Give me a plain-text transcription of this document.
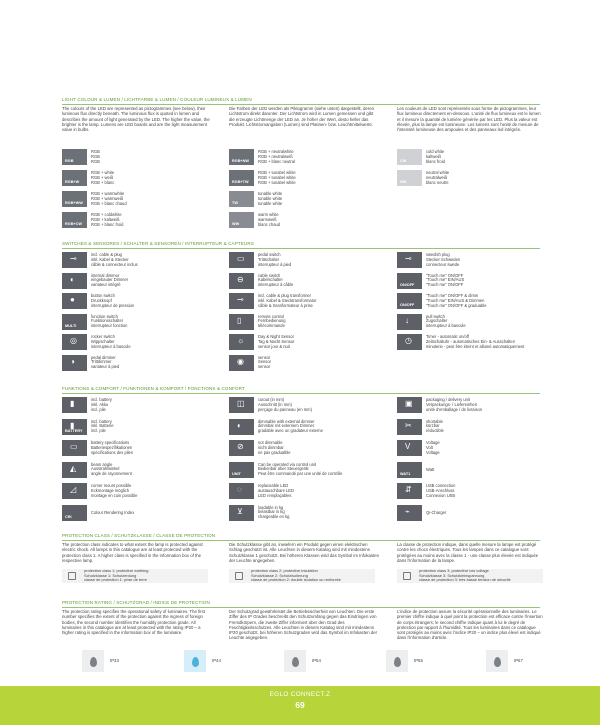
LIGHT COLOUR & LUMEN / LICHTFARBE & LUMEN / COULEUR LUMINEUX & LUMEN
The colours of the LED are represented as pictogrammes (see below), their luminous flux directly beneath. The luminous flux is quoted in lumen and describes the amount of light generated by the LED. The higher the value, the brighter is the lamp. Lumens are LED boards and are the light measurement value in bulbs.
Die Farben der LED werden als Piktogramm (siehe unten) dargestellt, deren Lichtstrom direkt darunter. Der Lichtstrom wird in Lumen gemessen und gibt die erzeugte Lichtmenge der LED an. Je höher der Wert, desto heller das Produkt. Lichtstromangaben (Lumen) sind Platinen- bzw. Leuchtmittelwerte.
Les couleurs de LED sont représentés sous forme de pictogrammes, leur flux lumineux directement en-dessous. L'unité de flux lumineux est le lumen et il mesure la quantité de lumière générée par les LED. Plus la valeur est élevée, plus la lampe est lumineuse. Les lumens sont l'unité de mesure de l'intensité lumineuse des ampoules et des panneaux led intégrés.
RGB
RGB
RGB
RGB
RGB+W
RGB + white
RGB + weiß
RGB + blanc
RGB+WW
RGB + warmwhite
RGB + warmweiß
RGB + blanc chaud
RGB+CW
RGB + coldwhite
RGB + kaltweiß
RGB + blanc froid
RGB+NW
RGB + neutralwhite
RGB + neutralweiß
RGB + blanc neutral
RGB+TW
RGB + tunabel white
RGB + tunabel white
RGB + tunabel white
TW
tunable white
tunable white
tunable white
WW
warm white
warmweiß
blanc chaud
CW
cold white
kaltweiß
blanc froid
NW
neutral white
neutralweiß
blanc neutre
SWITCHES & SENSORES / SCHALTER & SENSOREN / INTERRUPTEUR & CAPTEURS
⊸	incl. cable & plug
inkl. Kabel & Stecker
câble & connecteur inclus
◐	internal dimmer
eingebauter Dimmer
variateur intégré
●	button switch
Druckknopf
interrupteur de pression
MULTI
function switch
Funktionsschalter
interrupteur fonction
◎	rocker switch
Wippschalter
interrupteur à bascule
◑	pedal dimmer
Trittdimmer
variateur à pied
▭	pedal switch
Trittschalter
interrupteur à pied
⊖	cable switch
Kabelschalter
interrupteur à câble
⊸	incl. cable & plug transformer
inkl. Kabel & Stecktransformator
câble & transformateur à prise
▯	remote control
Fernbedienung
télécommande
☼	Day & Night Sensor
Tag & Nacht Sensor
sensor jour & nuit
◉	sensor
Sensor
sensor
⊸	swedish plug
Stecker Schweden
connecteur swede
ON/OFF
"Touch me" ON/OFF
"Touch me" EIN/AUS
"Touch me" ON/OFF
ON/OFF
"Touch me" ON/OFF & dimm
"Touch me" EIN/AUS & Dimmen
"Touch me" ON/OFF & graduable
↓	pull switch
Zugschalter
interrupteur à bascule
◷	Timer - automatic on/off
Zeitschaltuhr - automatisches Ein- & Ausschalten
minuterie - peut être éteint et allumé automatiquement
FUNKTIONS & COMFORT / FUNKTIONEN & KOMFORT / FONCTIONS & CONFORT
▮	incl. battery
inkl. Akku
incl. pile
▮
BATTERY
incl. battery
inkl. Batterie
incl. pile
▭	battery specifications
Batteriespezifikationen
spécifications des piles
◭	beam angle
Ausstrahlwinkel
angle de rayonnement
◿	corner mount possible
Eckmontage möglich
montage en coin possible
CRI
Colour Rendering Index
◫	cutout (in mm)
Ausschnitt (in mm)
perçage du panneau (en mm)
◐	dimmable with external dimmer
dimmbar mit externem Dimmer
gradable avec un gradateur externe
⊘	not dimmable
nicht dimmbar
ne pas gradualble
UNIT
Can be operated via control unit
Bedienbar über Steuergerät
Peut être commandé par une unité de contrôle
◌	replaceable LED
austauschbare LED
LED remplaçables
⊻	loadable in kg
belastbar in kg
chargeable en kg
▣	packaging / delivery unit
Verpackungs- / Liefereinheit
unité d'emballage / de livraison
✂	shortable
kürzbar
réductible
V	Voltage
Volt
Voltage
WAT1
Watt
⇵	USB connection
USB-Anschluss
Connexion USB
⌁	Qi-Charger
PROTECTION CLASS / SCHUTZKLASSE / CLASSE DE PROTECTION
The protection class indicates to what extent the lamp is protected against electric shock. All lamps in this catalogue are at least protected with the protection class 1. A higher class is specified in the information box of the respective lamp.
Die Schutzklasse gibt an, inwiefern ein Produkt gegen einen elektrischen Schlag geschützt ist. Alle Leuchten in diesem Katalog sind mit mindestens Schutzklasse 1 geschützt. Bei höheren Klassen wird das Symbol im Infokasten der Leuchte angegeben.
La classe de protection indique, dans quelle mesure la lampe est protégé contre les chocs électriques. Tous les lampes dans ce catalogue sont protégées au moins avec la classe 1 - une classe plus élevée est indiquée dans l'information de la lampe.
protection class 1: protective earthing
Schutzklasse 1: Schutzerdung
classe de protection 1: prise de terre
protection class 2: protective insulation
Schutzklasse 2: Schutzisolierung
classe de protection 2: double isolation ou renforcée
protection class 3: protective low voltage
Schutzklasse 3: Schutzkleinspannung
classe de protection 3: très basse tension de sécurité
PROTECTION RATING / SCHUTZGRAD / INDICE DE PROTECTION
The protection rating specifies the operational safety of luminaires. The first number specifies the extent of the protection against the ingress of foreign bodies, the second number identifies the humidity protection grade. All luminaires in this catalogue are at least protected with the rating IP20 – a higher rating is specified in the information box of the luminaire.
Der Schutzgrad gewährleistet die Betriebssicherheit von Leuchten. Die erste Ziffer des IP Grades beschreibt den Schutzumfang gegen das Eindringen von Fremdkörpern, die zweite Ziffer informiert über den Grad des Feuchtigkeitsschutzes. Alle Leuchten in diesem Katalog sind mit mindestens IP20 geschützt, bei höheren Schutzgraden wird das Symbol im Infokasten der Leuchte angegeben.
L'indice de protection assure la sécurité opérationnelle des luminaires. Le premier chiffre indique à quel point la protection est efficace contre l'insertion de corps étrangers; le second chiffre indique quant à lui le degré de protection par rapport à l'humidité. Tous les luminaires dans ce catalogue sont protégés au moins avec l'indice IP20 – un indice plus élevé est indiqué dans l'information d'article.
IP33	IP44	IP54	IP65	IP67
EGLO CONNECT.Z
69
